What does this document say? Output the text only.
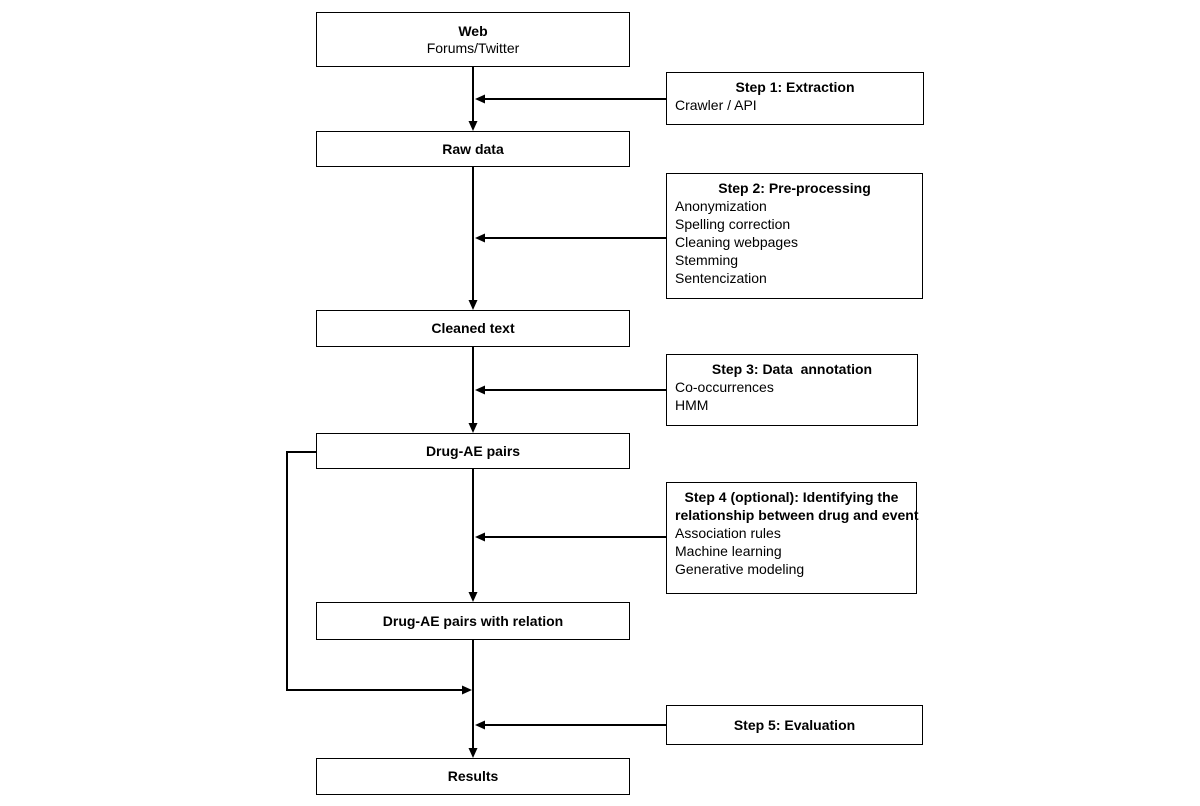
Web
Forums/Twitter
Raw data
Cleaned text
Drug-AE pairs
Drug-AE pairs with relation
Results
Step 1: Extraction
Crawler / API
Step 2: Pre-processing
Anonymization
Spelling correction
Cleaning webpages
Stemming
Sentencization
Step 3: Data  annotation
Co-occurrences
HMM
Step 4 (optional): Identifying the
relationship between drug and event
Association rules
Machine learning
Generative modeling
Step 5: Evaluation
